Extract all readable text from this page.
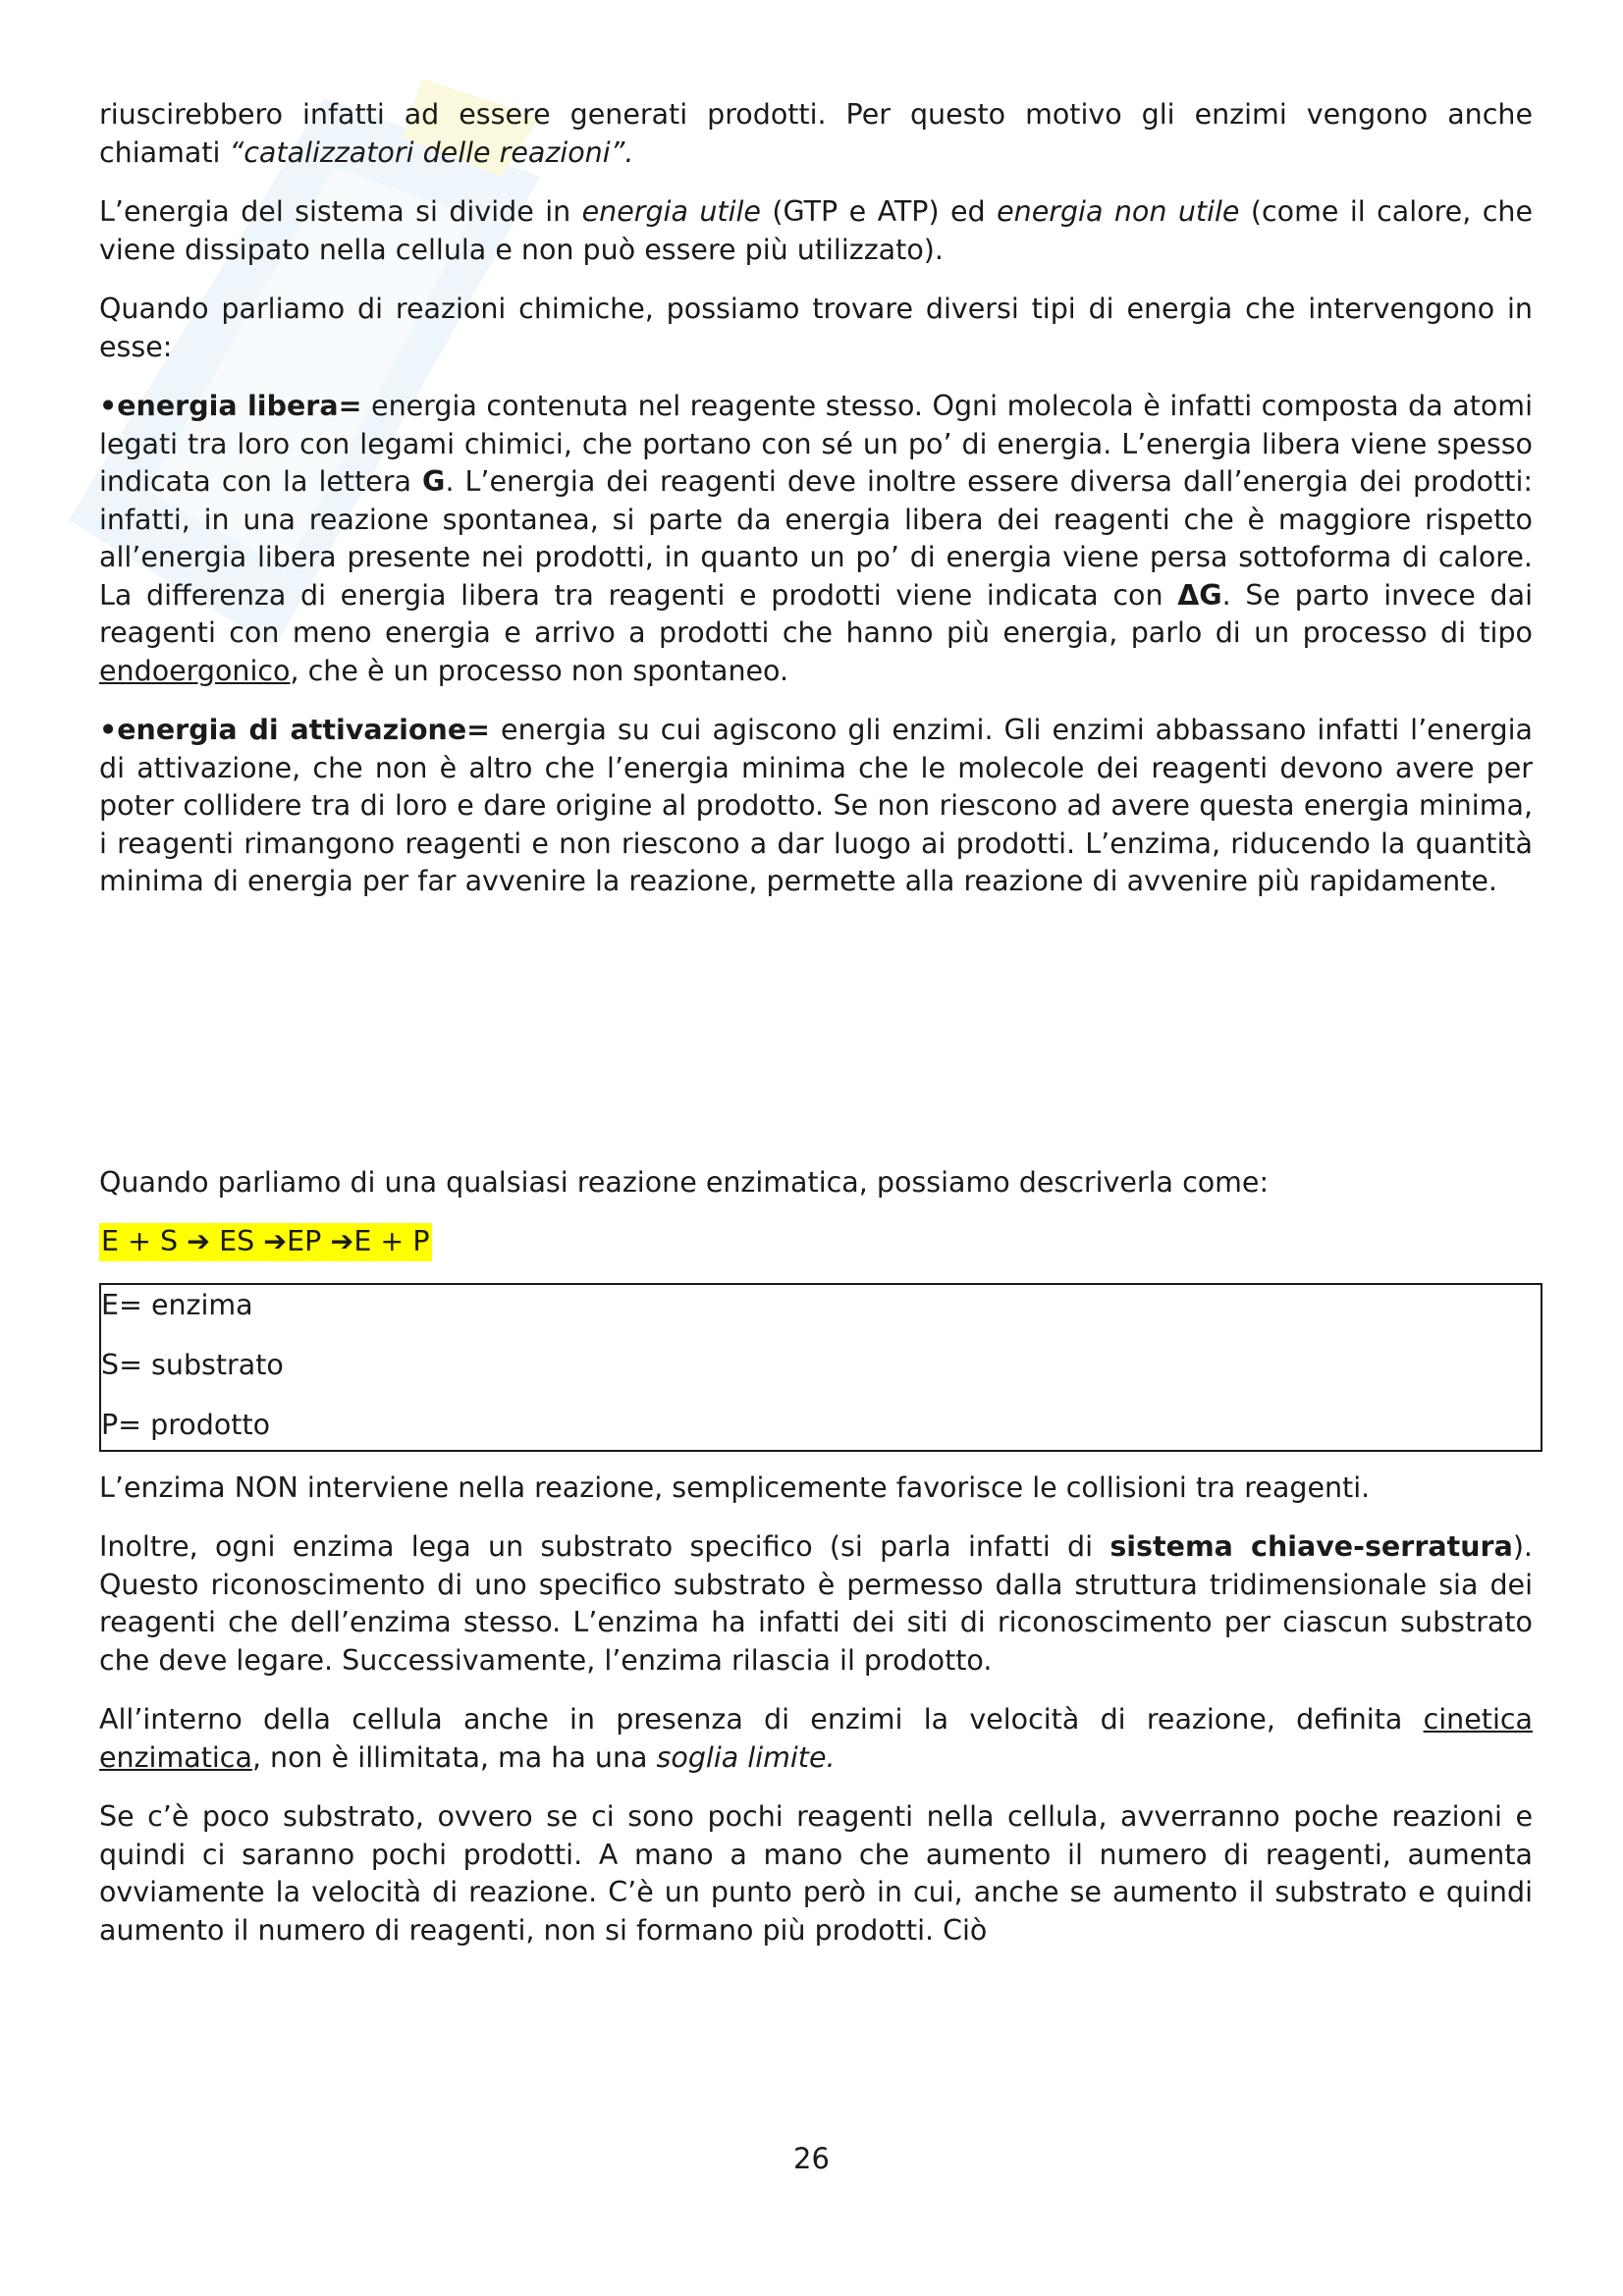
riuscirebbero infatti ad essere generati prodotti. Per questo motivo gli enzimi vengono anche chiamati “catalizzatori delle reazioni”.

L’energia del sistema si divide in energia utile (GTP e ATP) ed energia non utile (come il calore, che viene dissipato nella cellula e non può essere più utilizzato).

Quando parliamo di reazioni chimiche, possiamo trovare diversi tipi di energia che intervengono in esse:

•energia libera= energia contenuta nel reagente stesso. Ogni molecola è infatti composta da atomi legati tra loro con legami chimici, che portano con sé un po’ di energia. L’energia libera viene spesso indicata con la lettera G. L’energia dei reagenti deve inoltre essere diversa dall’energia dei prodotti: infatti, in una reazione spontanea, si parte da energia libera dei reagenti che è maggiore rispetto all’energia libera presente nei prodotti, in quanto un po’ di energia viene persa sottoforma di calore. La differenza di energia libera tra reagenti e prodotti viene indicata con ΔG. Se parto invece dai reagenti con meno energia e arrivo a prodotti che hanno più energia, parlo di un processo di tipo endoergonico, che è un processo non spontaneo.

•energia di attivazione= energia su cui agiscono gli enzimi. Gli enzimi abbassano infatti l’energia di attivazione, che non è altro che l’energia minima che le molecole dei reagenti devono avere per poter collidere tra di loro e dare origine al prodotto. Se non riescono ad avere questa energia minima, i reagenti rimangono reagenti e non riescono a dar luogo ai prodotti. L’enzima, riducendo la quantità minima di energia per far avvenire la reazione, permette alla reazione di avvenire più rapidamente.

Quando parliamo di una qualsiasi reazione enzimatica, possiamo descriverla come:

E + S ➔ ES ➔EP ➔E + P

E= enzima
S= substrato
P= prodotto

L’enzima NON interviene nella reazione, semplicemente favorisce le collisioni tra reagenti.

Inoltre, ogni enzima lega un substrato specifico (si parla infatti di sistema chiave-serratura). Questo riconoscimento di uno specifico substrato è permesso dalla struttura tridimensionale sia dei reagenti che dell’enzima stesso. L’enzima ha infatti dei siti di riconoscimento per ciascun substrato che deve legare. Successivamente, l’enzima rilascia il prodotto.

All’interno della cellula anche in presenza di enzimi la velocità di reazione, definita cinetica enzimatica, non è illimitata, ma ha una soglia limite.

Se c’è poco substrato, ovvero se ci sono pochi reagenti nella cellula, avverranno poche reazioni e quindi ci saranno pochi prodotti. A mano a mano che aumento il numero di reagenti, aumenta ovviamente la velocità di reazione. C’è un punto però in cui, anche se aumento il substrato e quindi aumento il numero di reagenti, non si formano più prodotti. Ciò

26
